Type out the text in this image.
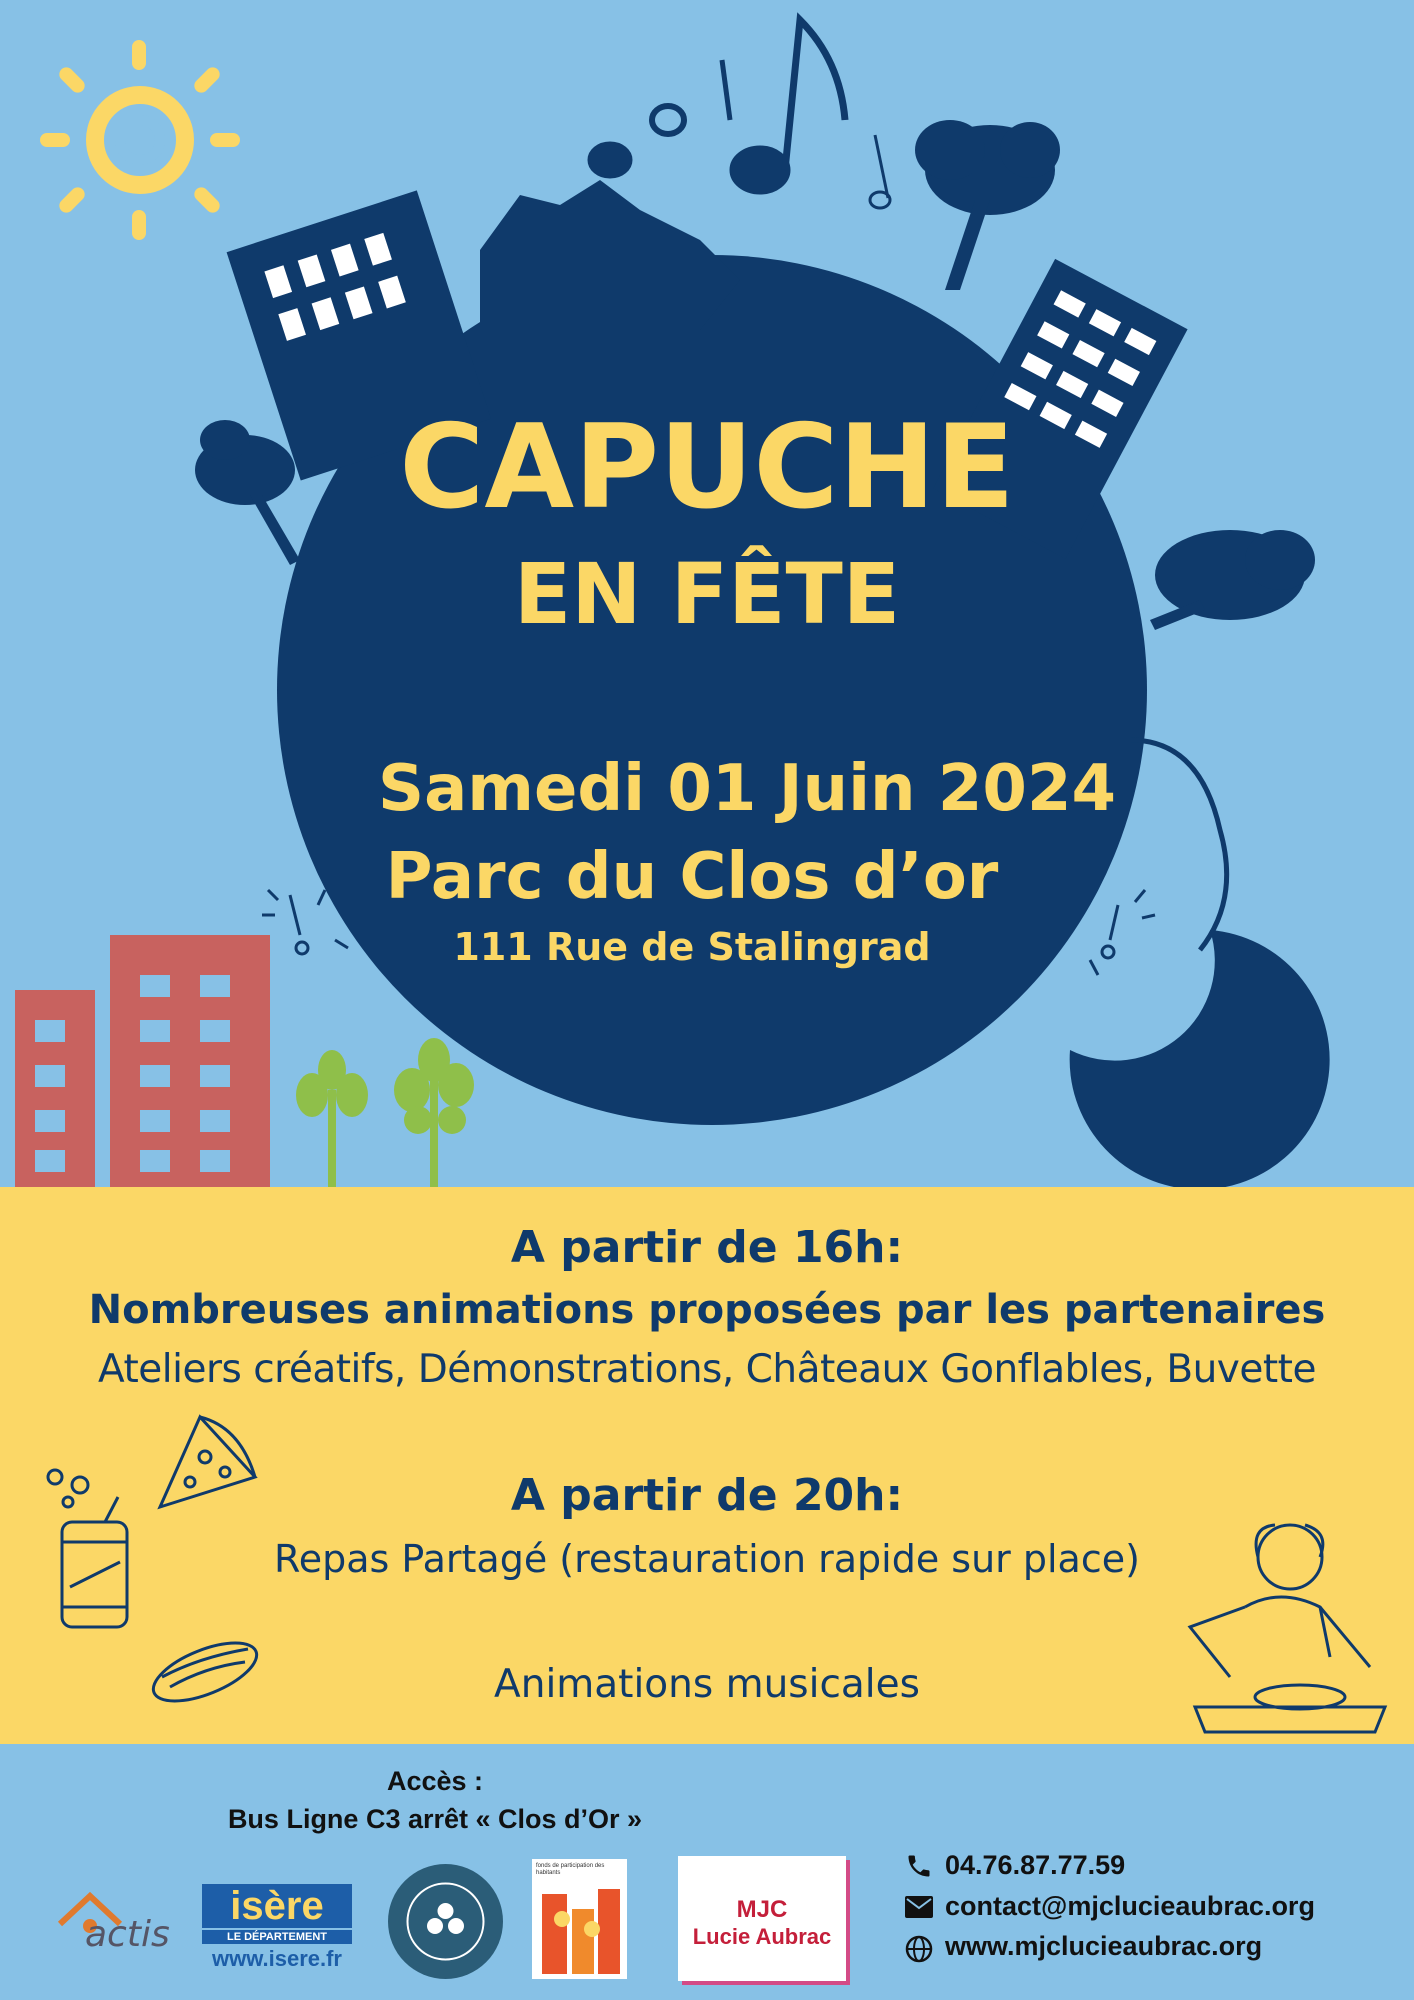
CAPUCHE
EN FÊTE
Samedi 01 Juin 2024
Parc du Clos d’or
111 Rue de Stalingrad
A partir de 16h:
Nombreuses animations proposées par les partenaires
Ateliers créatifs, Démonstrations, Châteaux Gonflables, Buvette
A partir de 20h:
Repas Partagé (restauration rapide sur place)
Animations musicales
Accès :
Bus Ligne C3 arrêt « Clos d’Or »
actis
isère
LE DÉPARTEMENT
www.isere.fr
fonds de participation des habitants
MJC
Lucie Aubrac
04.76.87.77.59
contact@mjclucieaubrac.org
www.mjclucieaubrac.org
